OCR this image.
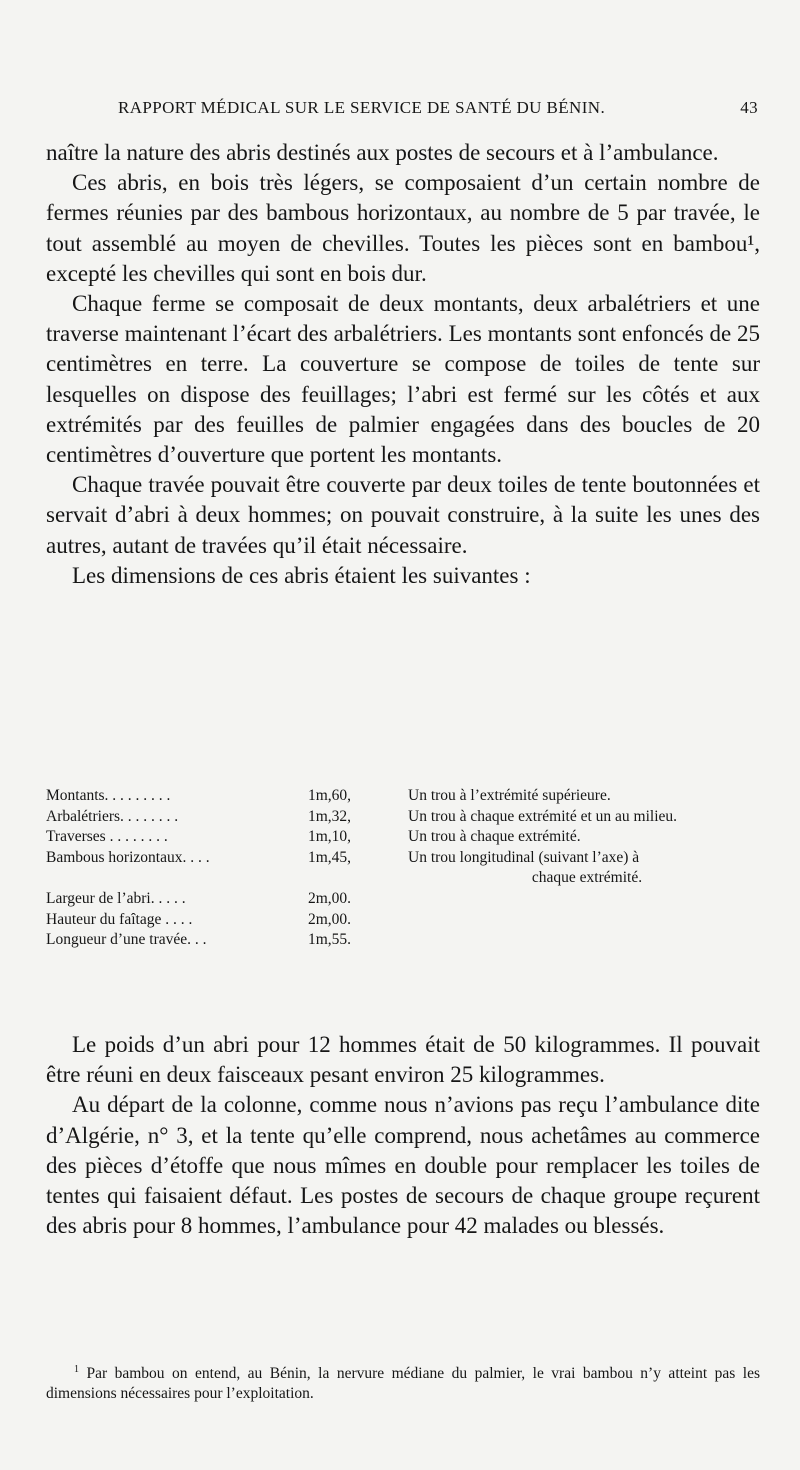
RAPPORT MÉDICAL SUR LE SERVICE DE SANTÉ DU BÉNIN.	43

naître la nature des abris destinés aux postes de secours et à l’ambulance.

Ces abris, en bois très légers, se composaient d’un certain nombre de fermes réunies par des bambous horizontaux, au nombre de 5 par travée, le tout assemblé au moyen de chevilles. Toutes les pièces sont en bambou¹, excepté les chevilles qui sont en bois dur.

Chaque ferme se composait de deux montants, deux arbalétriers et une traverse maintenant l’écart des arbalétriers. Les montants sont enfoncés de 25 centimètres en terre. La couverture se compose de toiles de tente sur lesquelles on dispose des feuillages; l’abri est fermé sur les côtés et aux extrémités par des feuilles de palmier engagées dans des boucles de 20 centimètres d’ouverture que portent les montants.

Chaque travée pouvait être couverte par deux toiles de tente boutonnées et servait d’abri à deux hommes; on pouvait construire, à la suite les unes des autres, autant de travées qu’il était nécessaire.

Les dimensions de ces abris étaient les suivantes :

Montants. . . . . . . . .	1m,60,	Un trou à l’extrémité supérieure.
Arbalétriers. . . . . . . .	1m,32,	Un trou à chaque extrémité et un au milieu.
Traverses . . . . . . . .	1m,10,	Un trou à chaque extrémité.
Bambous horizontaux. . . .	1m,45,	Un trou longitudinal (suivant l’axe) à
chaque extrémité.
Largeur de l’abri. . . . .	2m,00.
Hauteur du faîtage . . . .	2m,00.
Longueur d’une travée. . .	1m,55.

Le poids d’un abri pour 12 hommes était de 50 kilogrammes. Il pouvait être réuni en deux faisceaux pesant environ 25 kilogrammes.

Au départ de la colonne, comme nous n’avions pas reçu l’ambulance dite d’Algérie, n° 3, et la tente qu’elle comprend, nous achetâmes au commerce des pièces d’étoffe que nous mîmes en double pour remplacer les toiles de tentes qui faisaient défaut. Les postes de secours de chaque groupe reçurent des abris pour 8 hommes, l’ambulance pour 42 malades ou blessés.

$^1$ Par bambou on entend, au Bénin, la nervure médiane du palmier, le vrai bambou n’y atteint pas les dimensions nécessaires pour l’exploitation.
